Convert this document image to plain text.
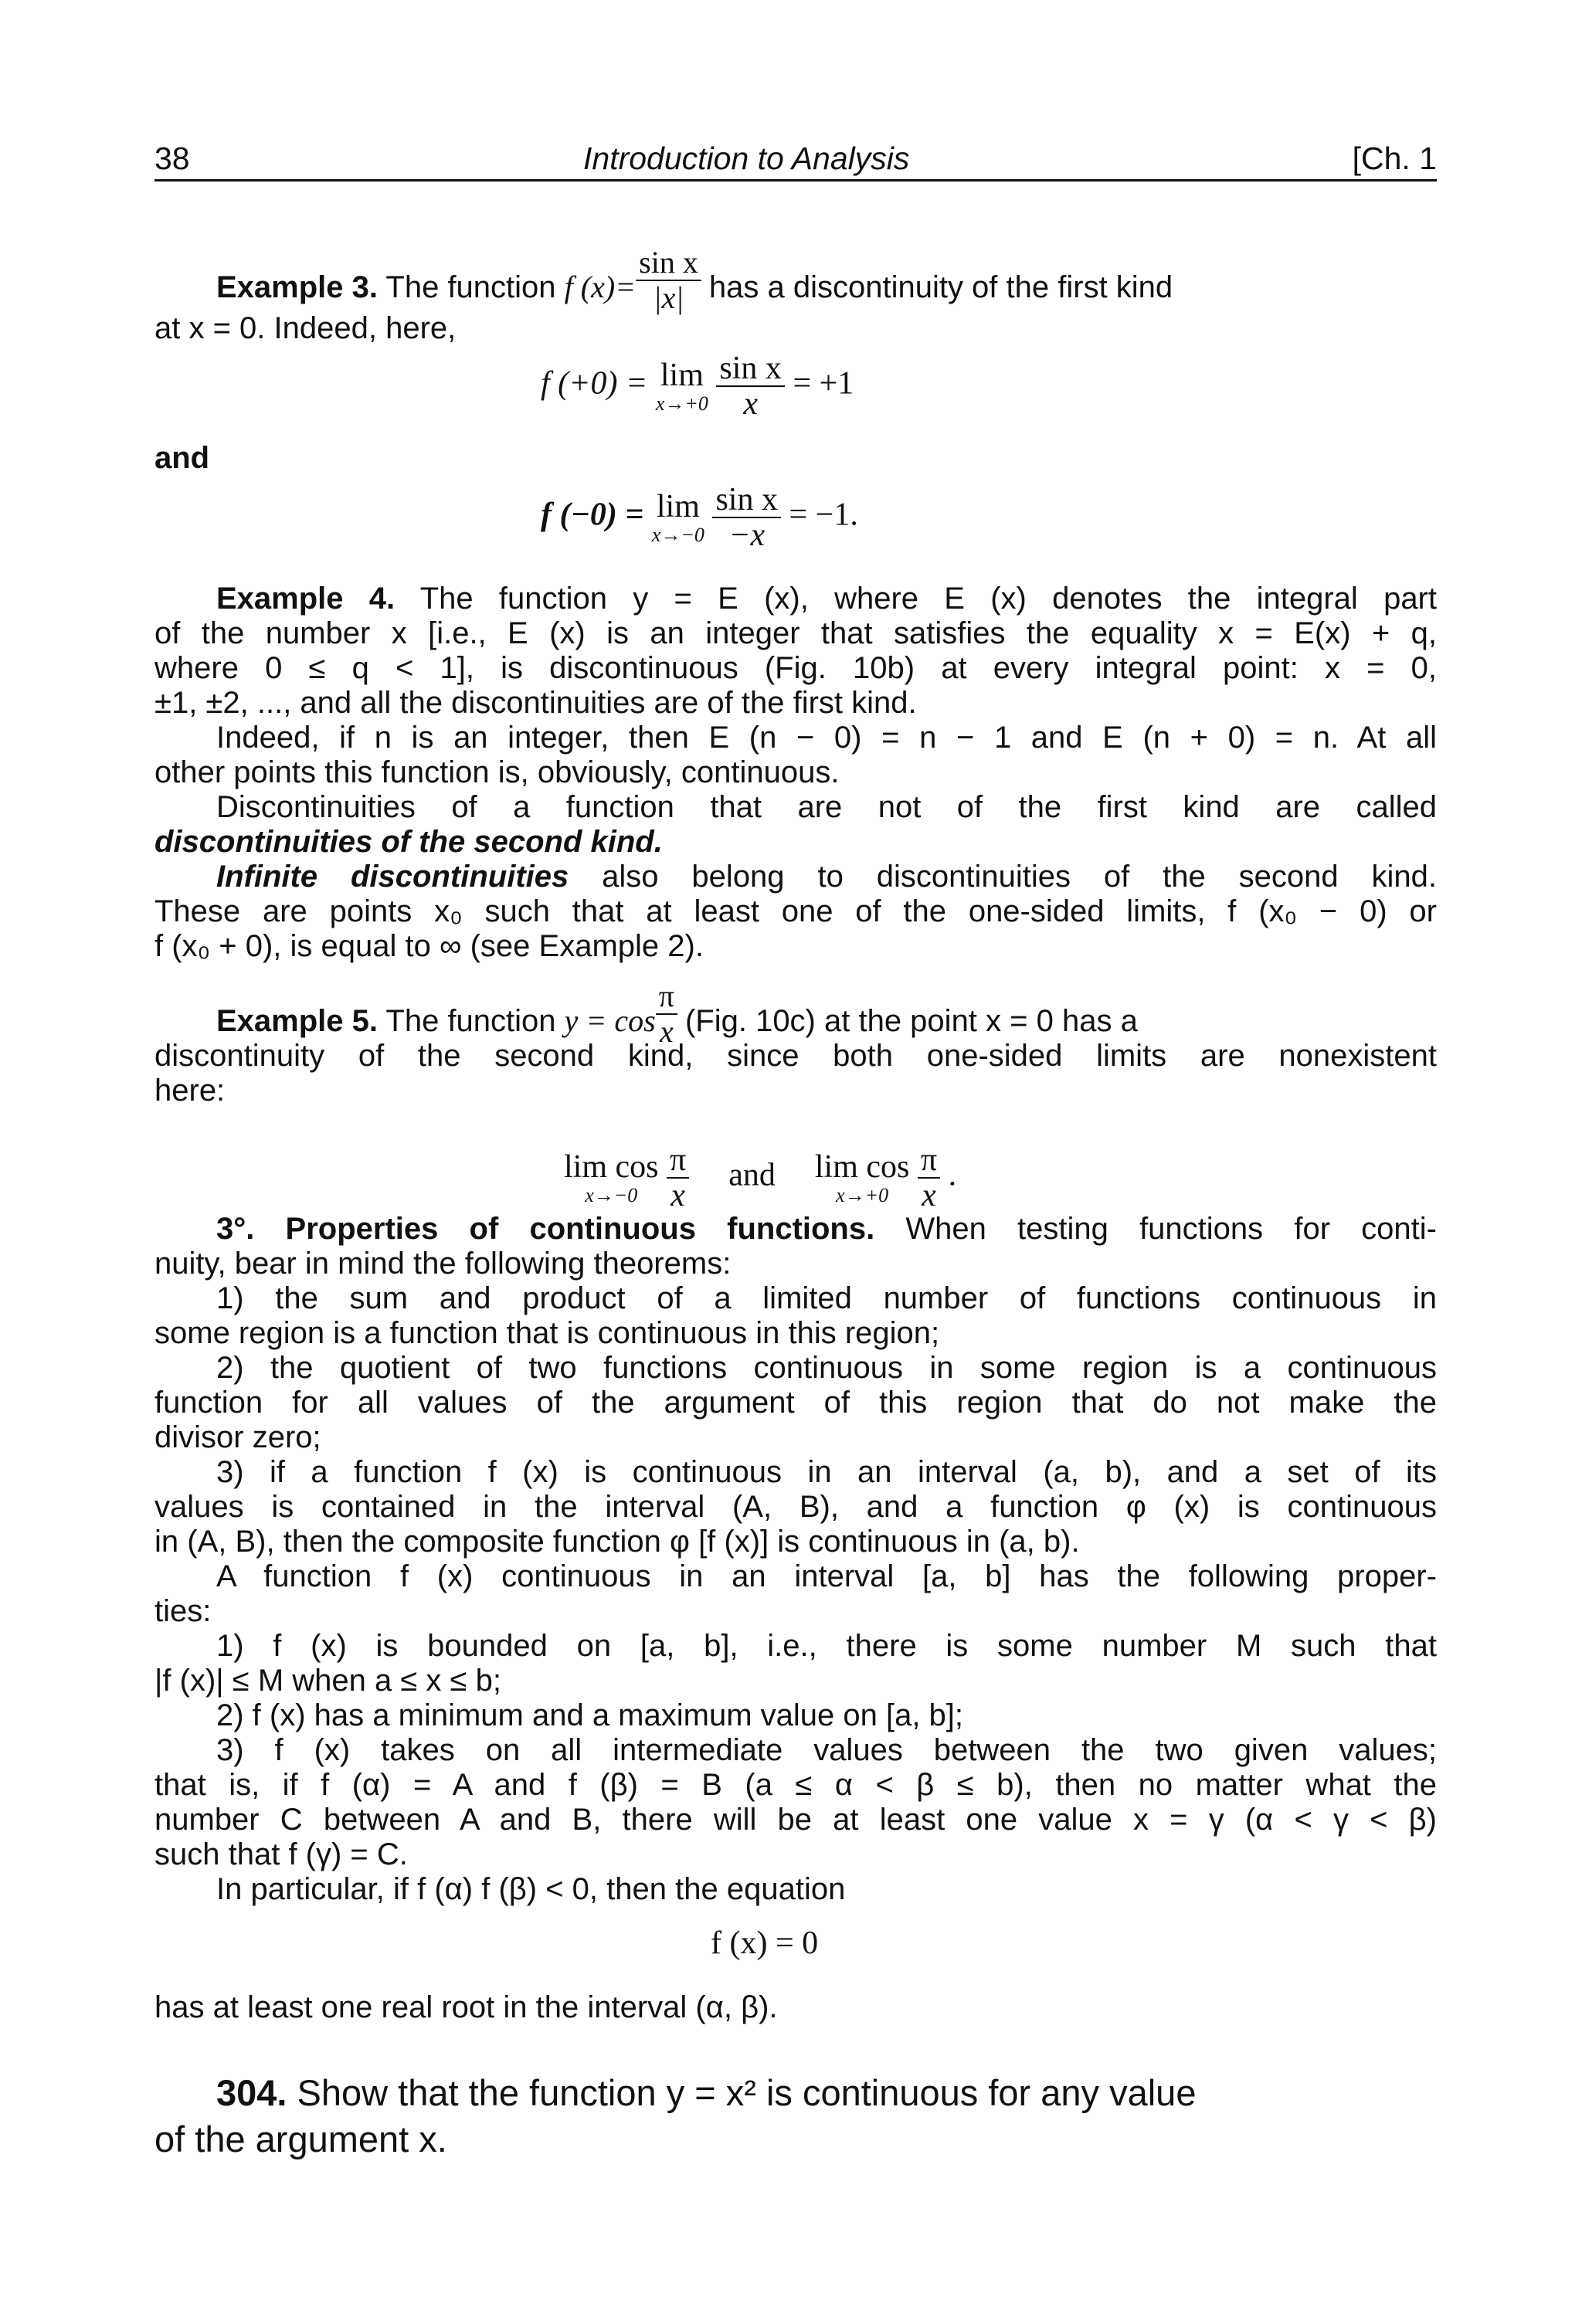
38	Introduction to Analysis	[Ch. 1
Example 3. The function f $(x)= \frac{\text{sin x}}{|x|}$ has a discontinuity of the first kind
at x = 0. Indeed, here,
f (+0) = lim
x→+0
$\frac{\text{sin x}}{x} = +1$
and
f (−0) = lim
x→−0
$\frac{\text{sin x}}{-x} = -1$.
Example 4. The function y = E (x), where E (x) denotes the integral part
of the number x [i.e., E (x) is an integer that satisfies the equality x = E(x) + q,
where 0 ≤ q < 1], is discontinuous (Fig. 10b) at every integral point: x = 0,
±1, ±2, ..., and all the discontinuities are of the first kind.
Indeed, if n is an integer, then E (n − 0) = n − 1 and E (n + 0) = n. At all
other points this function is, obviously, continuous.
Discontinuities of a function that are not of the first kind are called
discontinuities of the second kind.
Infinite discontinuities also belong to discontinuities of the second kind.
These are points x₀ such that at least one of the one-sided limits, f (x₀ − 0) or
f (x₀ + 0), is equal to ∞ (see Example 2).
Example 5. The function $y = \cos \frac{\pi}{x} (Fig$. 10c) at the point x = 0 has a
discontinuity of the second kind, since both one-sided limits are nonexistent
here:
lim cos
x→−0
$\frac{\pi}{x}$ and lim cos
x→+0
$\frac{\pi}{x}$ .
3°. Properties of continuous functions. When testing functions for conti-
nuity, bear in mind the following theorems:
1) the sum and product of a limited number of functions continuous in
some region is a function that is continuous in this region;
2) the quotient of two functions continuous in some region is a continuous
function for all values of the argument of this region that do not make the
divisor zero;
3) if a function f (x) is continuous in an interval (a, b), and a set of its
values is contained in the interval (A, B), and a function φ (x) is continuous
in (A, B), then the composite function φ [f (x)] is continuous in (a, b).
A function f (x) continuous in an interval [a, b] has the following proper-
ties:
1) f (x) is bounded on [a, b], i.e., there is some number M such that
|f (x)| ≤ M when a ≤ x ≤ b;
2) f (x) has a minimum and a maximum value on [a, b];
3) f (x) takes on all intermediate values between the two given values;
that is, if f (α) = A and f (β) = B (a ≤ α < β ≤ b), then no matter what the
number C between A and B, there will be at least one value x = γ (α < γ < β)
such that f (γ) = C.
In particular, if f (α) f (β) < 0, then the equation
f (x) = 0
has at least one real root in the interval (α, β).
304. Show that the function y = x² is continuous for any value
of the argument x.
